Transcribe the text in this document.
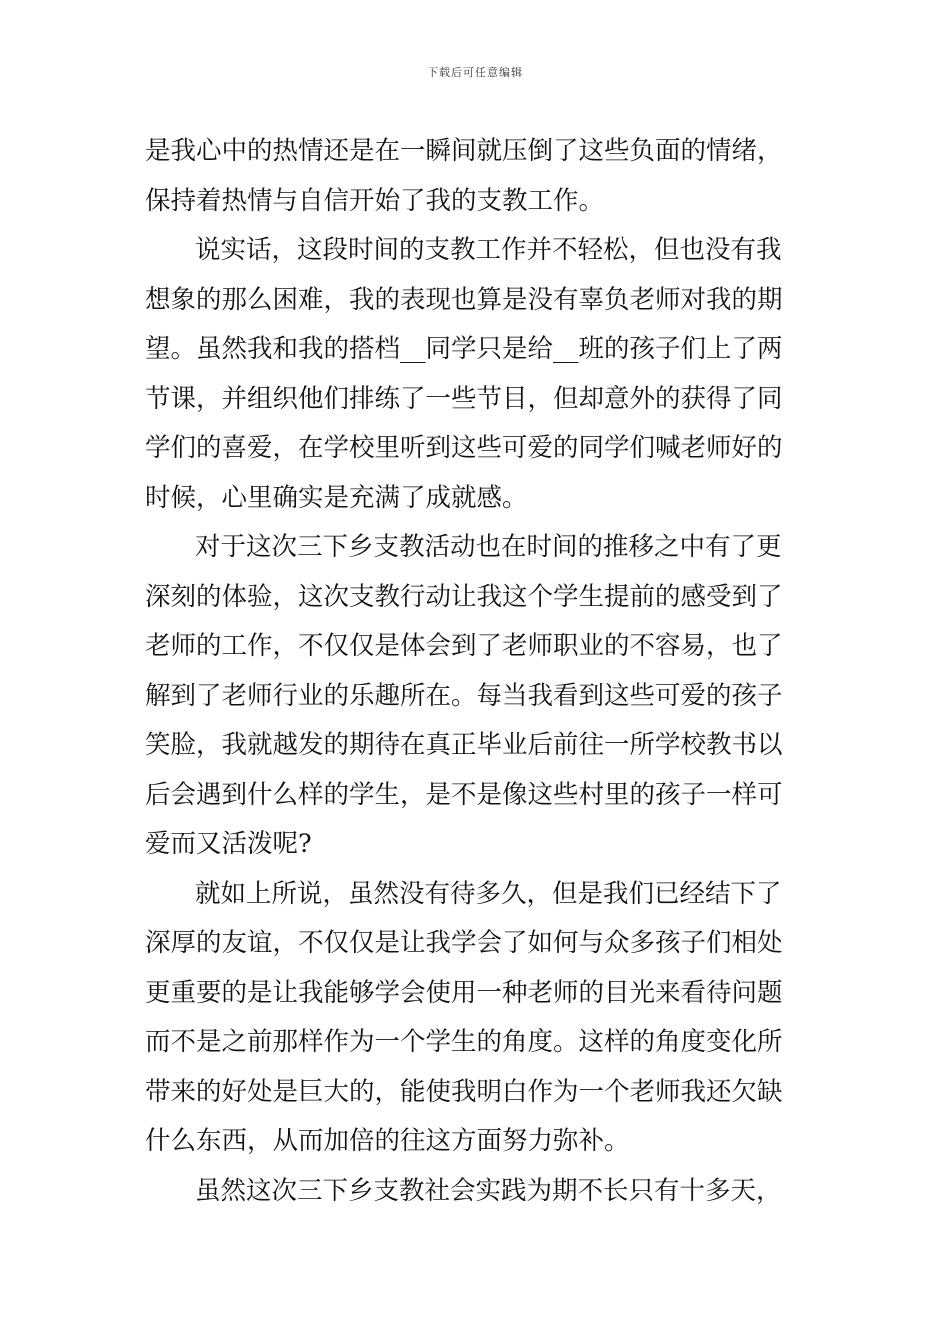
下载后可任意编辑
是我心中的热情还是在一瞬间就压倒了这些负面的情绪，
保持着热情与自信开始了我的支教工作。
说实话，这段时间的支教工作并不轻松，但也没有我
想象的那么困难，我的表现也算是没有辜负老师对我的期
望。虽然我和我的搭档__同学只是给__班的孩子们上了两
节课，并组织他们排练了一些节目，但却意外的获得了同
学们的喜爱，在学校里听到这些可爱的同学们喊老师好的
时候，心里确实是充满了成就感。
对于这次三下乡支教活动也在时间的推移之中有了更
深刻的体验，这次支教行动让我这个学生提前的感受到了
老师的工作，不仅仅是体会到了老师职业的不容易，也了
解到了老师行业的乐趣所在。每当我看到这些可爱的孩子
笑脸，我就越发的期待在真正毕业后前往一所学校教书以
后会遇到什么样的学生，是不是像这些村里的孩子一样可
爱而又活泼呢?
就如上所说，虽然没有待多久，但是我们已经结下了
深厚的友谊，不仅仅是让我学会了如何与众多孩子们相处
更重要的是让我能够学会使用一种老师的目光来看待问题
而不是之前那样作为一个学生的角度。这样的角度变化所
带来的好处是巨大的，能使我明白作为一个老师我还欠缺
什么东西，从而加倍的往这方面努力弥补。
虽然这次三下乡支教社会实践为期不长只有十多天，
